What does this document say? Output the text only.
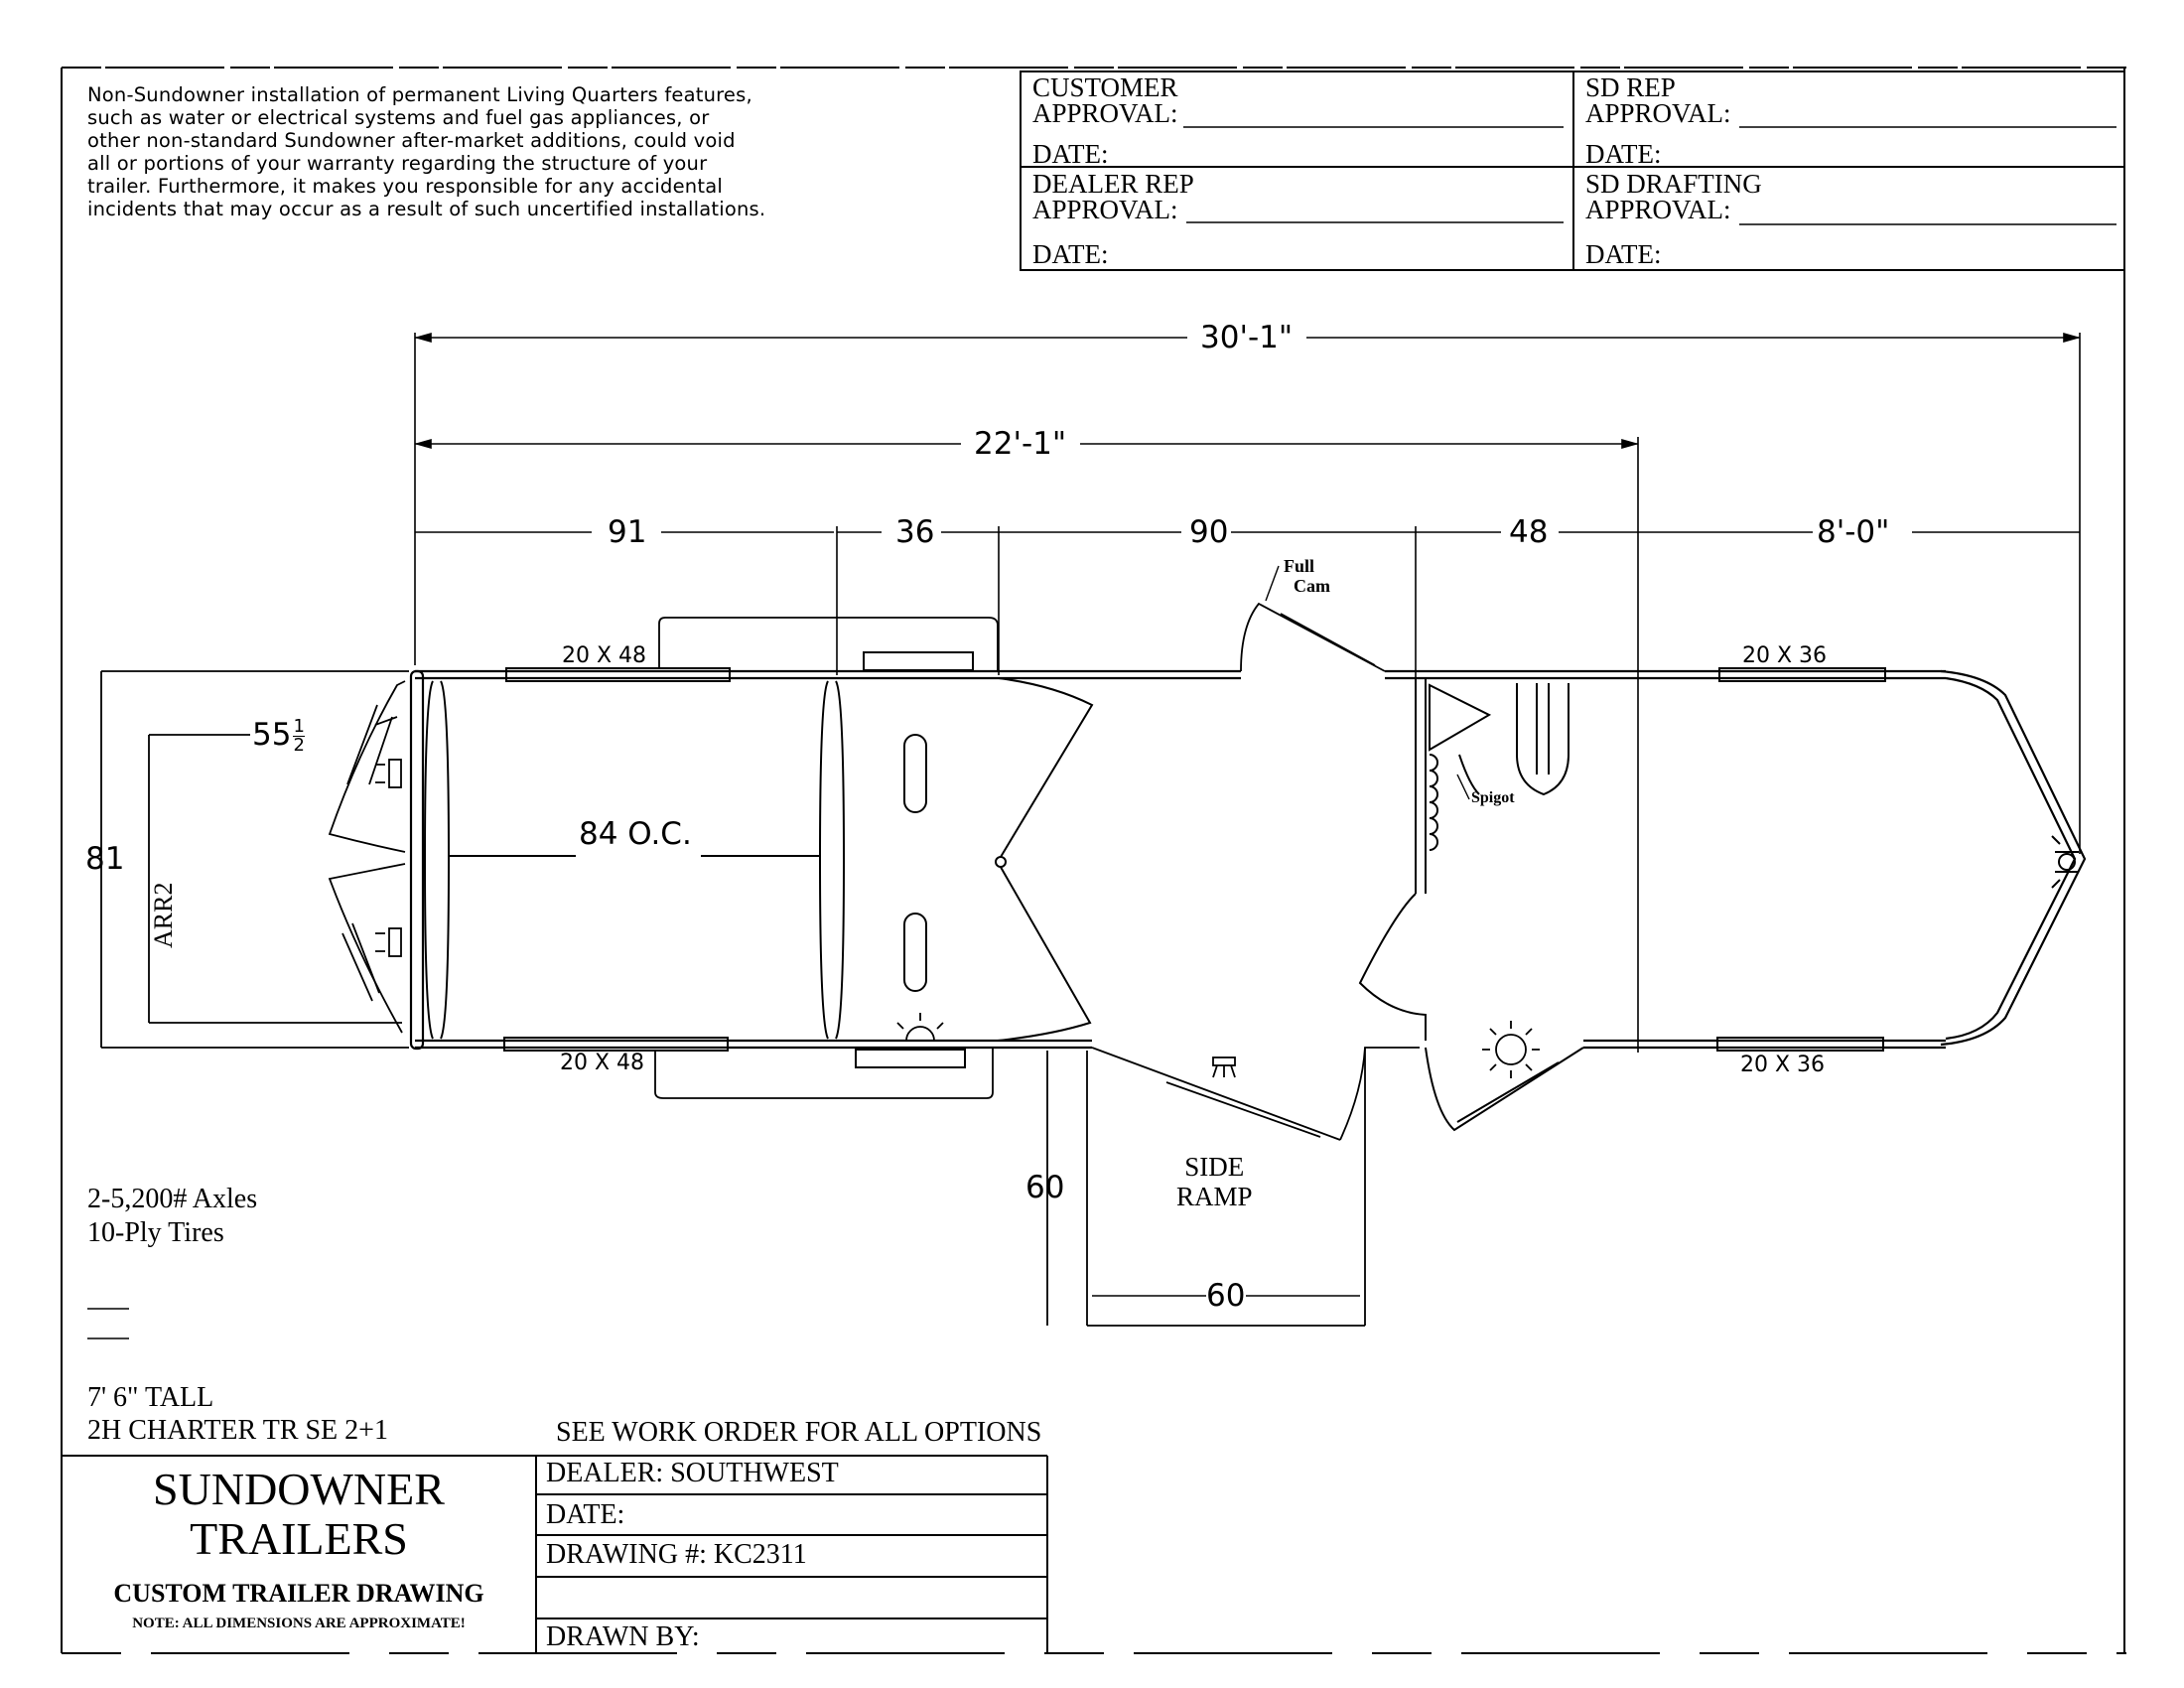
Non-Sundowner installation of permanent Living Quarters features,
such as water or electrical systems and fuel gas appliances, or
other non-standard Sundowner after-market additions, could void
all or portions of your warranty regarding the structure of your
trailer. Furthermore, it makes you responsible for any accidental
incidents that may occur as a result of such uncertified installations.
CUSTOMER
APPROVAL:
DATE:
SD REP
APPROVAL:
DATE:
DEALER REP
APPROVAL:
DATE:
SD DRAFTING
APPROVAL:
DATE:
30'-1"
22'-1"
91	36	90	48	8'-0"
81
60
60
84 O.C.
$55 \frac{1}{2}$
20 X 48
20 X 48
20 X 36
20 X 36
Full
Cam
Spigot
SIDE
RAMP
ARR2
2-5,200# Axles
10-Ply Tires
7' 6" TALL
2H CHARTER TR SE 2+1	SEE WORK ORDER FOR ALL OPTIONS
SUNDOWNER
TRAILERS
CUSTOM TRAILER DRAWING
NOTE: ALL DIMENSIONS ARE APPROXIMATE!
DEALER: SOUTHWEST
DATE:
DRAWING #: KC2311
DRAWN BY:
